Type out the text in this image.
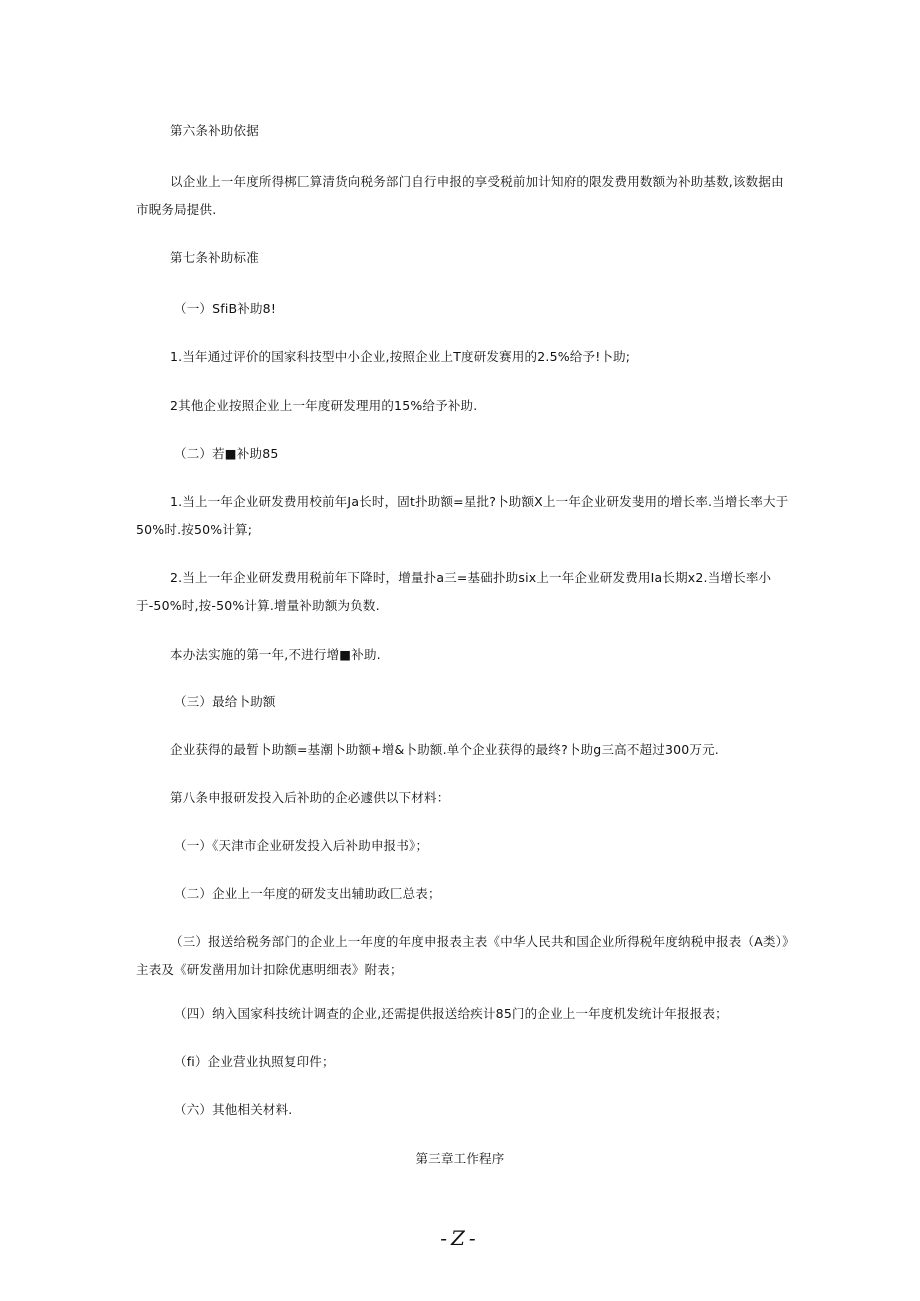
第六条补助依据

以企业上一年度所得梆匚算清货向税务部门自行申报的享受税前加计知府的限发费用数额为补助基数,该数据由市睨务局提供.

第七条补助标准

（一）SfiB补助8!

1.当年通过评价的国家科技型中小企业,按照企业上T度研发赛用的2.5%给予!卜助;

2其他企业按照企业上一年度研发理用的15%给予补助.

（二）若■补助85

1.当上一年企业研发费用校前年Ja长时，固t扑助额=星批?卜助额X上一年企业研发斐用的增长率.当增长率大于50%时.按50%计算;

2.当上一年企业研发费用税前年下降时，增量扑a三=基础扑助six上一年企业研发费用Ia长期x2.当增长率小于-50%时,按-50%计算.增量补助额为负数.

本办法实施的第一年,不进行增■补助.

（三）最给卜助额

企业获得的最暂卜助额=基潮卜助额+增&卜助额.单个企业获得的最终?卜助g三高不超过300万元.

第八条申报研发投入后补助的企必遽供以下材料：

（一）《天津市企业研发投入后补助申报书》；

（二）企业上一年度的研发支出辅助政匚总表；

（三）报送给税务部门的企业上一年度的年度申报表主表《中华人民共和国企业所得税年度纳税申报表（A类）》主表及《研发凿用加计扣除优惠明细表》附表；

（四）纳入国家科技统计调查的企业,还需提供报送给疾计85门的企业上一年度机发统计年报报表；

（fi）企业营业执照复印件；

（六）其他相关材料.

第三章工作程序

-Z-
